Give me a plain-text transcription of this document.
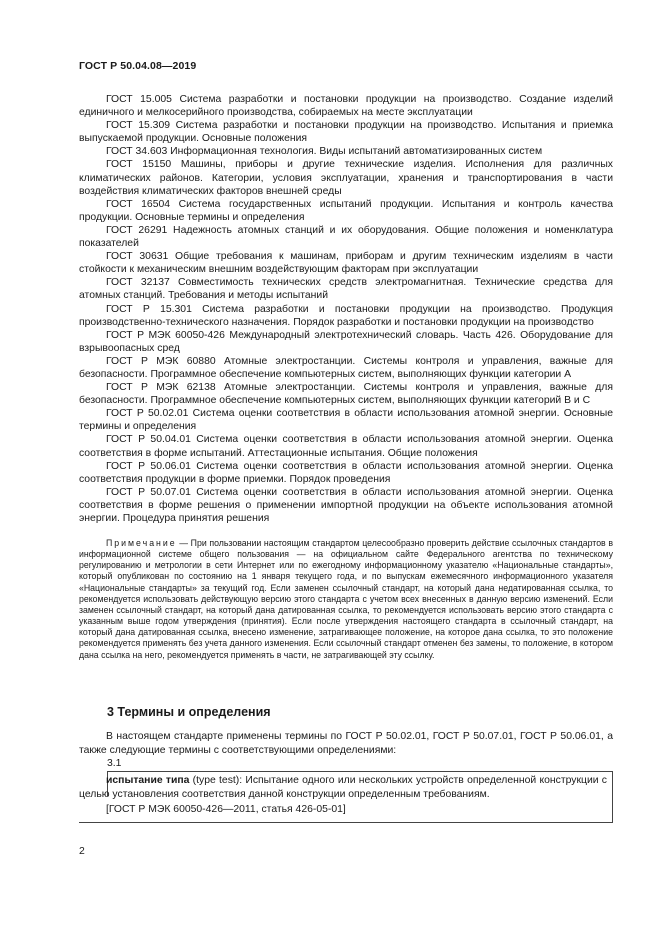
ГОСТ Р 50.04.08—2019

ГОСТ 15.005 Система разработки и постановки продукции на производство. Создание изделий единичного и мелкосерийного производства, собираемых на месте эксплуатации

ГОСТ 15.309 Система разработки и постановки продукции на производство. Испытания и приемка выпускаемой продукции. Основные положения

ГОСТ 34.603 Информационная технология. Виды испытаний автоматизированных систем

ГОСТ 15150 Машины, приборы и другие технические изделия. Исполнения для различных климатических районов. Категории, условия эксплуатации, хранения и транспортирования в части воздействия климатических факторов внешней среды

ГОСТ 16504 Система государственных испытаний продукции. Испытания и контроль качества продукции. Основные термины и определения

ГОСТ 26291 Надежность атомных станций и их оборудования. Общие положения и номенклатура показателей

ГОСТ 30631 Общие требования к машинам, приборам и другим техническим изделиям в части стойкости к механическим внешним воздействующим факторам при эксплуатации

ГОСТ 32137 Совместимость технических средств электромагнитная. Технические средства для атомных станций. Требования и методы испытаний

ГОСТ Р 15.301 Система разработки и постановки продукции на производство. Продукция производственно-технического назначения. Порядок разработки и постановки продукции на производство

ГОСТ Р МЭК 60050-426 Международный электротехнический словарь. Часть 426. Оборудование для взрывоопасных сред

ГОСТ Р МЭК 60880 Атомные электростанции. Системы контроля и управления, важные для безопасности. Программное обеспечение компьютерных систем, выполняющих функции категории А

ГОСТ Р МЭК 62138 Атомные электростанции. Системы контроля и управления, важные для безопасности. Программное обеспечение компьютерных систем, выполняющих функции категорий В и С

ГОСТ Р 50.02.01 Система оценки соответствия в области использования атомной энергии. Основные термины и определения

ГОСТ Р 50.04.01 Система оценки соответствия в области использования атомной энергии. Оценка соответствия в форме испытаний. Аттестационные испытания. Общие положения

ГОСТ Р 50.06.01 Система оценки соответствия в области использования атомной энергии. Оценка соответствия продукции в форме приемки. Порядок проведения

ГОСТ Р 50.07.01 Система оценки соответствия в области использования атомной энергии. Оценка соответствия в форме решения о применении импортной продукции на объекте использования атомной энергии. Процедура принятия решения

Примечание — При пользовании настоящим стандартом целесообразно проверить действие ссылочных стандартов в информационной системе общего пользования — на официальном сайте Федерального агентства по техническому регулированию и метрологии в сети Интернет или по ежегодному информационному указателю «Национальные стандарты», который опубликован по состоянию на 1 января текущего года, и по выпускам ежемесячного информационного указателя «Национальные стандарты» за текущий год. Если заменен ссылочный стандарт, на который дана недатированная ссылка, то рекомендуется использовать действующую версию этого стандарта с учетом всех внесенных в данную версию изменений. Если заменен ссылочный стандарт, на который дана датированная ссылка, то рекомендуется использовать версию этого стандарта с указанным выше годом утверждения (принятия). Если после утверждения настоящего стандарта в ссылочный стандарт, на который дана датированная ссылка, внесено изменение, затрагивающее положение, на которое дана ссылка, то это положение рекомендуется применять без учета данного изменения. Если ссылочный стандарт отменен без замены, то положение, в котором дана ссылка на него, рекомендуется применять в части, не затрагивающей эту ссылку.

3 Термины и определения

В настоящем стандарте применены термины по ГОСТ Р 50.02.01, ГОСТ Р 50.07.01, ГОСТ Р 50.06.01, а также следующие термины с соответствующими определениями:

3.1
испытание типа (type test): Испытание одного или нескольких устройств определенной конструкции с целью установления соответствия данной конструкции определенным требованиям.
[ГОСТ Р МЭК 60050-426—2011, статья 426-05-01]
2
